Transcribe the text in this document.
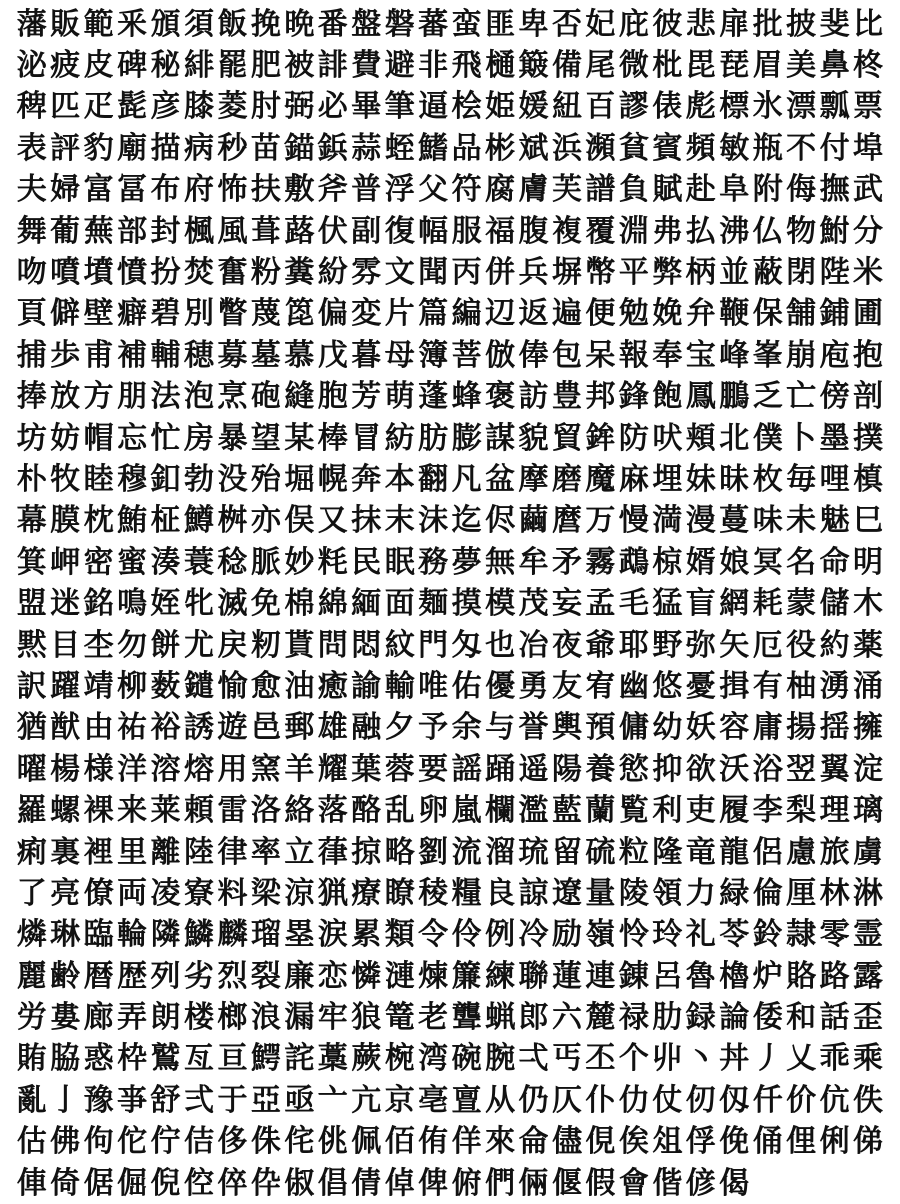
藩 販 範 釆 頒 須 飯 挽 晩 番 盤 磐 蕃 蛮 匪 卑 否 妃 庇 彼 悲 扉 批 披 斐 比
泌 疲 皮 碑 秘 緋 罷 肥 被 誹 費 避 非 飛 樋 簸 備 尾 微 枇 毘 琵 眉 美 鼻 柊
稗 匹 疋 髭 彦 膝 菱 肘 弼 必 畢 筆 逼 桧 姫 媛 紐 百 謬 俵 彪 標 氷 漂 瓢 票
表 評 豹 廟 描 病 秒 苗 錨 鋲 蒜 蛭 鰭 品 彬 斌 浜 瀕 貧 賓 頻 敏 瓶 不 付 埠
夫 婦 富 冨 布 府 怖 扶 敷 斧 普 浮 父 符 腐 膚 芙 譜 負 賦 赴 阜 附 侮 撫 武
舞 葡 蕪 部 封 楓 風 葺 蕗 伏 副 復 幅 服 福 腹 複 覆 淵 弗 払 沸 仏 物 鮒 分
吻 噴 墳 憤 扮 焚 奮 粉 糞 紛 雰 文 聞 丙 併 兵 塀 幣 平 弊 柄 並 蔽 閉 陛 米
頁 僻 壁 癖 碧 別 瞥 蔑 箆 偏 変 片 篇 編 辺 返 遍 便 勉 娩 弁 鞭 保 舗 鋪 圃
捕 歩 甫 補 輔 穂 募 墓 慕 戊 暮 母 簿 菩 倣 俸 包 呆 報 奉 宝 峰 峯 崩 庖 抱
捧 放 方 朋 法 泡 烹 砲 縫 胞 芳 萌 蓬 蜂 褒 訪 豊 邦 鋒 飽 鳳 鵬 乏 亡 傍 剖
坊 妨 帽 忘 忙 房 暴 望 某 棒 冒 紡 肪 膨 謀 貌 貿 鉾 防 吠 頬 北 僕 卜 墨 撲
朴 牧 睦 穆 釦 勃 没 殆 堀 幌 奔 本 翻 凡 盆 摩 磨 魔 麻 埋 妹 昧 枚 毎 哩 槙
幕 膜 枕 鮪 柾 鱒 桝 亦 俣 又 抹 末 沫 迄 侭 繭 麿 万 慢 満 漫 蔓 味 未 魅 巳
箕 岬 密 蜜 湊 蓑 稔 脈 妙 粍 民 眠 務 夢 無 牟 矛 霧 鵡 椋 婿 娘 冥 名 命 明
盟 迷 銘 鳴 姪 牝 滅 免 棉 綿 緬 面 麺 摸 模 茂 妄 孟 毛 猛 盲 網 耗 蒙 儲 木
黙 目 杢 勿 餅 尤 戻 籾 貰 問 悶 紋 門 匁 也 冶 夜 爺 耶 野 弥 矢 厄 役 約 薬
訳 躍 靖 柳 薮 鑓 愉 愈 油 癒 諭 輸 唯 佑 優 勇 友 宥 幽 悠 憂 揖 有 柚 湧 涌
猶 猷 由 祐 裕 誘 遊 邑 郵 雄 融 夕 予 余 与 誉 輿 預 傭 幼 妖 容 庸 揚 揺 擁
曜 楊 様 洋 溶 熔 用 窯 羊 耀 葉 蓉 要 謡 踊 遥 陽 養 慾 抑 欲 沃 浴 翌 翼 淀
羅 螺 裸 来 莱 頼 雷 洛 絡 落 酪 乱 卵 嵐 欄 濫 藍 蘭 覧 利 吏 履 李 梨 理 璃
痢 裏 裡 里 離 陸 律 率 立 葎 掠 略 劉 流 溜 琉 留 硫 粒 隆 竜 龍 侶 慮 旅 虜
了 亮 僚 両 凌 寮 料 梁 涼 猟 療 瞭 稜 糧 良 諒 遼 量 陵 領 力 緑 倫 厘 林 淋
燐 琳 臨 輪 隣 鱗 麟 瑠 塁 涙 累 類 令 伶 例 冷 励 嶺 怜 玲 礼 苓 鈴 隷 零 霊
麗 齢 暦 歴 列 劣 烈 裂 廉 恋 憐 漣 煉 簾 練 聯 蓮 連 錬 呂 魯 櫓 炉 賂 路 露
労 婁 廊 弄 朗 楼 榔 浪 漏 牢 狼 篭 老 聾 蝋 郎 六 麓 禄 肋 録 論 倭 和 話 歪
賄 脇 惑 枠 鷲 亙 亘 鰐 詫 藁 蕨 椀 湾 碗 腕 弌 丐 丕 个 丱 丶 丼 丿 乂 乖 乘
亂 亅 豫 亊 舒 弍 于 亞 亟 亠 亢 京 亳 亶 从 仍 仄 仆 仂 仗 仞 仭 仟 价 伉 佚
估 佛 佝 佗 佇 佶 侈 侏 侘 佻 佩 佰 侑 佯 來 侖 儘 俔 俟 俎 俘 俛 俑 俚 俐 俤
俥 倚 倨 倔 倪 倥 倅 伜 俶 倡 倩 倬 俾 俯 們 倆 偃 假 會 偕 偐 偈
